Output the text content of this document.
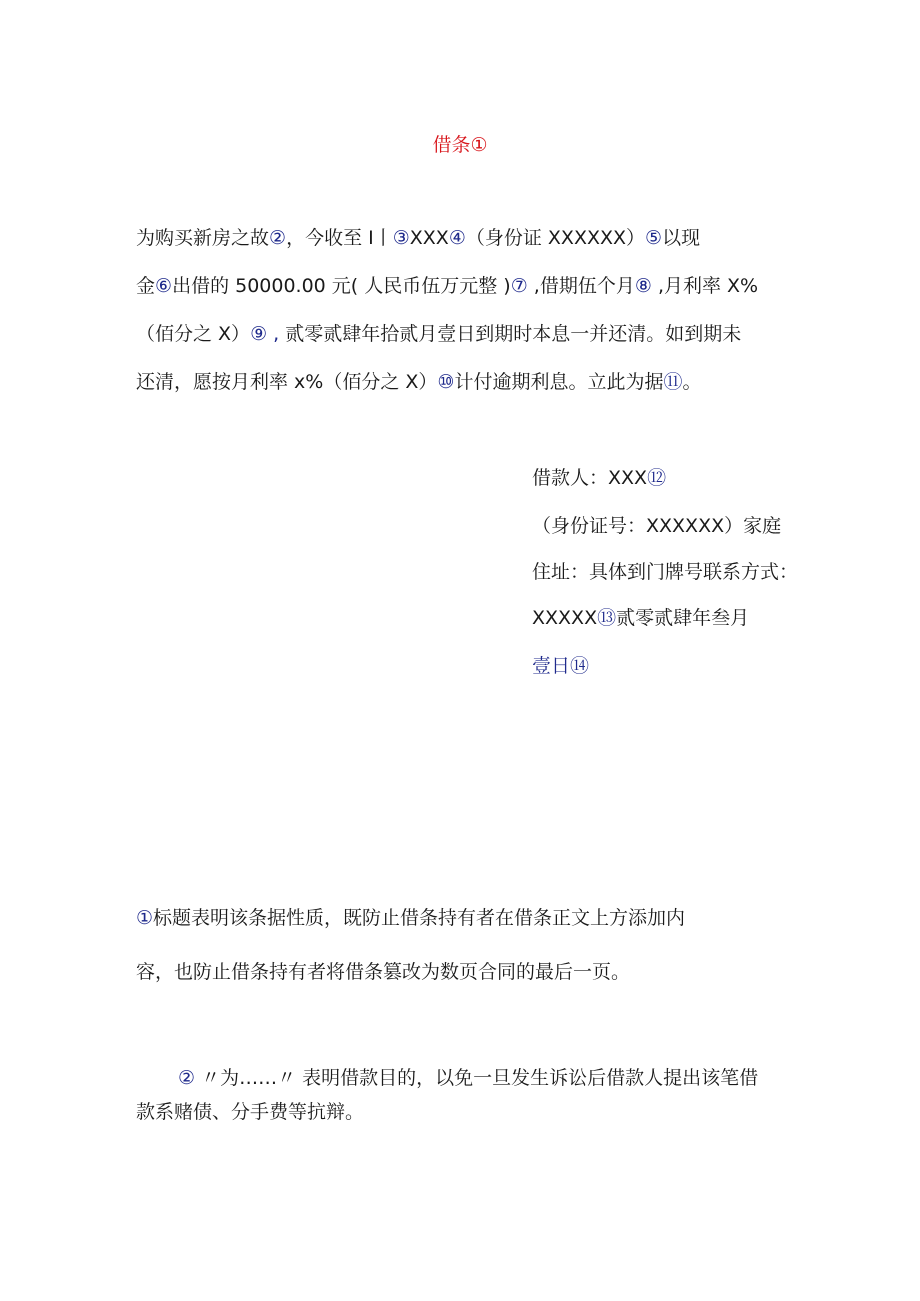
借条①
为购买新房之故②，今收至 I丨③XXX④（身份证 XXXXXX）⑤以现
金⑥出借的 50000.00 元( 人民币伍万元整 )⑦ ,借期伍个月⑧ ,月利率 X%
（佰分之 X）⑨ , 贰零贰肆年拾贰月壹日到期时本息一并还清。如到期未
还清，愿按月利率 x%（佰分之 X）⑩计付逾期利息。立此为据⑪。
借款人：XXX⑫
（身份证号：XXXXXX）家庭
住址：具体到门牌号联系方式：
XXXXX⑬贰零贰肆年叁月
壹日⑭
①标题表明该条据性质，既防止借条持有者在借条正文上方添加内
容，也防止借条持有者将借条篡改为数页合同的最后一页。
② 〃为……〃 表明借款目的，以免一旦发生诉讼后借款人提出该笔借
款系赌债、分手费等抗辩。
